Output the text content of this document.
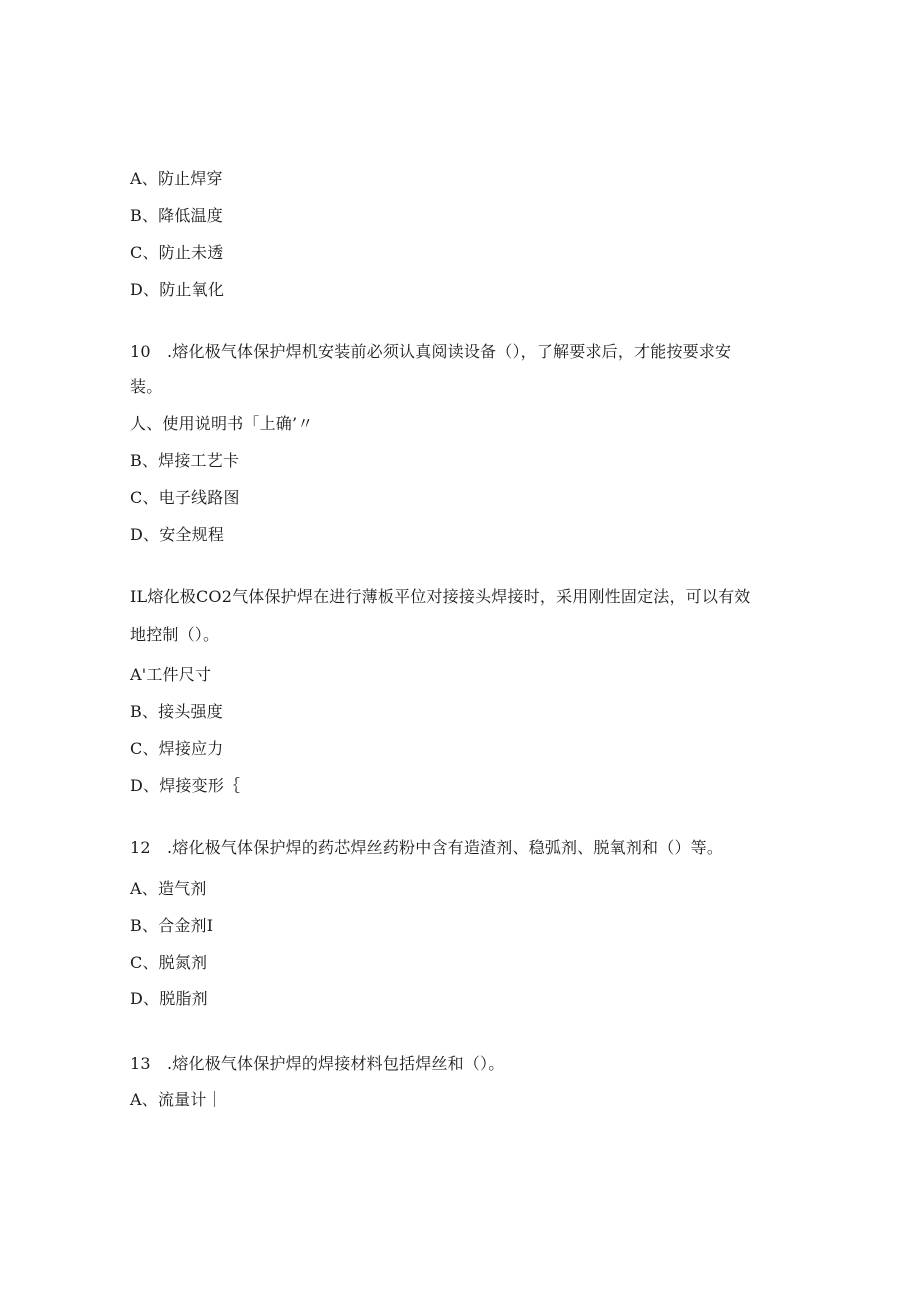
A、防止焊穿
B、降低温度
C、防止未透
D、防止氧化
10　.熔化极气体保护焊机安装前必须认真阅读设备（），了解要求后，才能按要求安
装。
人、使用说明书「上确’〃
B、焊接工艺卡
C、电子线路图
D、安全规程
IL熔化极CO2气体保护焊在进行薄板平位对接接头焊接时，采用刚性固定法，可以有效
地控制（）。
A'工件尺寸
B、接头强度
C、焊接应力
D、焊接变形｛
12　.熔化极气体保护焊的药芯焊丝药粉中含有造渣剂、稳弧剂、脱氧剂和（）等。
A、造气剂
B、合金剂I
C、脱氮剂
D、脱脂剂
13　.熔化极气体保护焊的焊接材料包括焊丝和（）。
A、流量计｜
